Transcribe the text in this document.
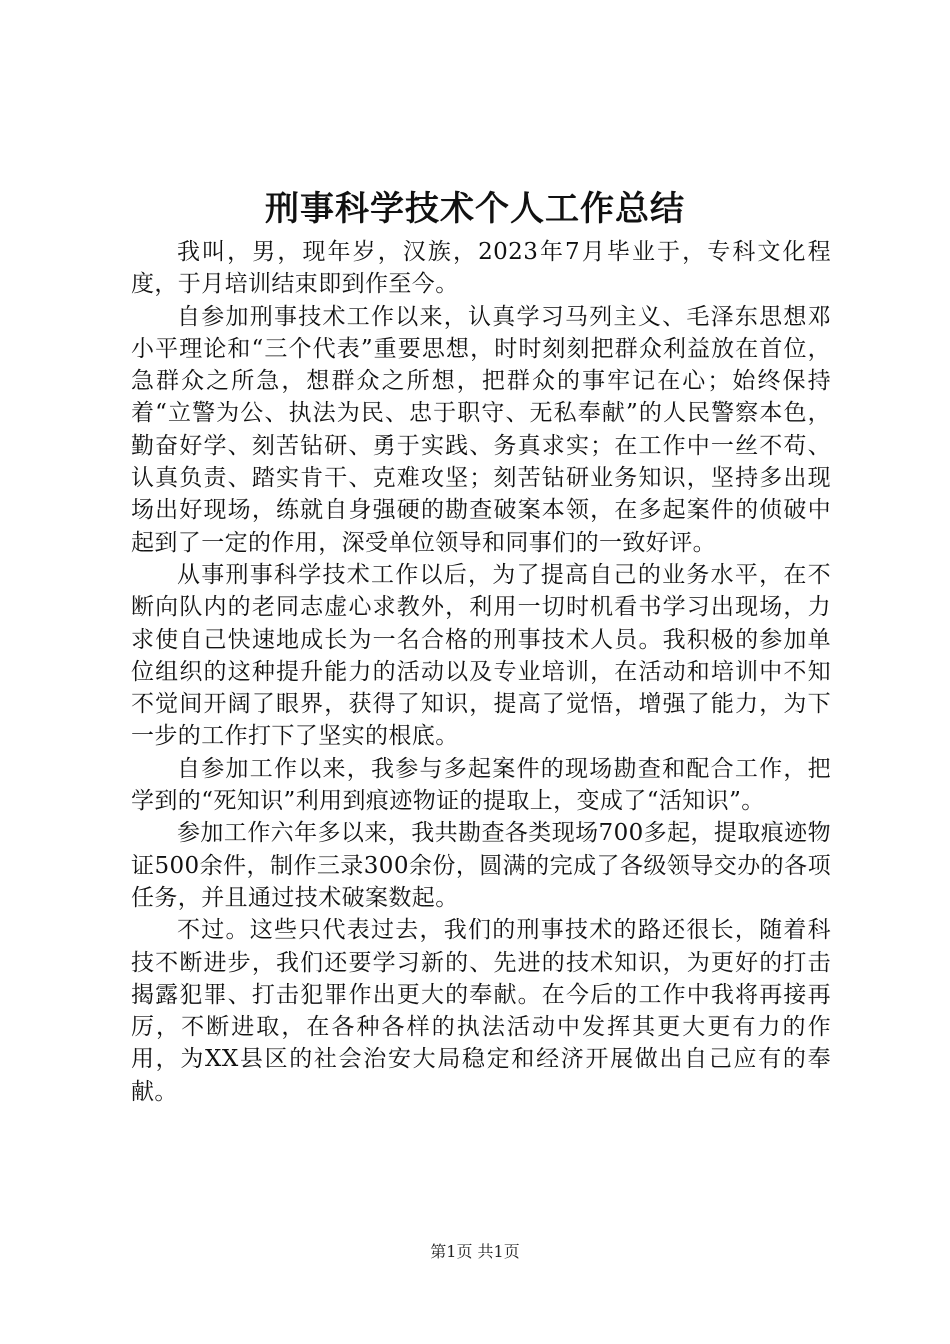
刑事科学技术个人工作总结

我叫，男，现年岁，汉族，2023年7月毕业于，专科文化程度，于月培训结束即到作至今。

自参加刑事技术工作以来，认真学习马列主义、毛泽东思想邓小平理论和“三个代表”重要思想，时时刻刻把群众利益放在首位，急群众之所急，想群众之所想，把群众的事牢记在心；始终保持着“立警为公、执法为民、忠于职守、无私奉献”的人民警察本色，勤奋好学、刻苦钻研、勇于实践、务真求实；在工作中一丝不苟、认真负责、踏实肯干、克难攻坚；刻苦钻研业务知识，坚持多出现场出好现场，练就自身强硬的勘查破案本领，在多起案件的侦破中起到了一定的作用，深受单位领导和同事们的一致好评。

从事刑事科学技术工作以后，为了提高自己的业务水平，在不断向队内的老同志虚心求教外，利用一切时机看书学习出现场，力求使自己快速地成长为一名合格的刑事技术人员。我积极的参加单位组织的这种提升能力的活动以及专业培训，在活动和培训中不知不觉间开阔了眼界，获得了知识，提高了觉悟，增强了能力，为下一步的工作打下了坚实的根底。

自参加工作以来，我参与多起案件的现场勘查和配合工作，把学到的“死知识”利用到痕迹物证的提取上，变成了“活知识”。

参加工作六年多以来，我共勘查各类现场700多起，提取痕迹物证500余件，制作三录300余份，圆满的完成了各级领导交办的各项任务，并且通过技术破案数起。

不过。这些只代表过去，我们的刑事技术的路还很长，随着科技不断进步，我们还要学习新的、先进的技术知识，为更好的打击揭露犯罪、打击犯罪作出更大的奉献。在今后的工作中我将再接再厉，不断进取，在各种各样的执法活动中发挥其更大更有力的作用，为XX县区的社会治安大局稳定和经济开展做出自己应有的奉献。

第1页 共1页
